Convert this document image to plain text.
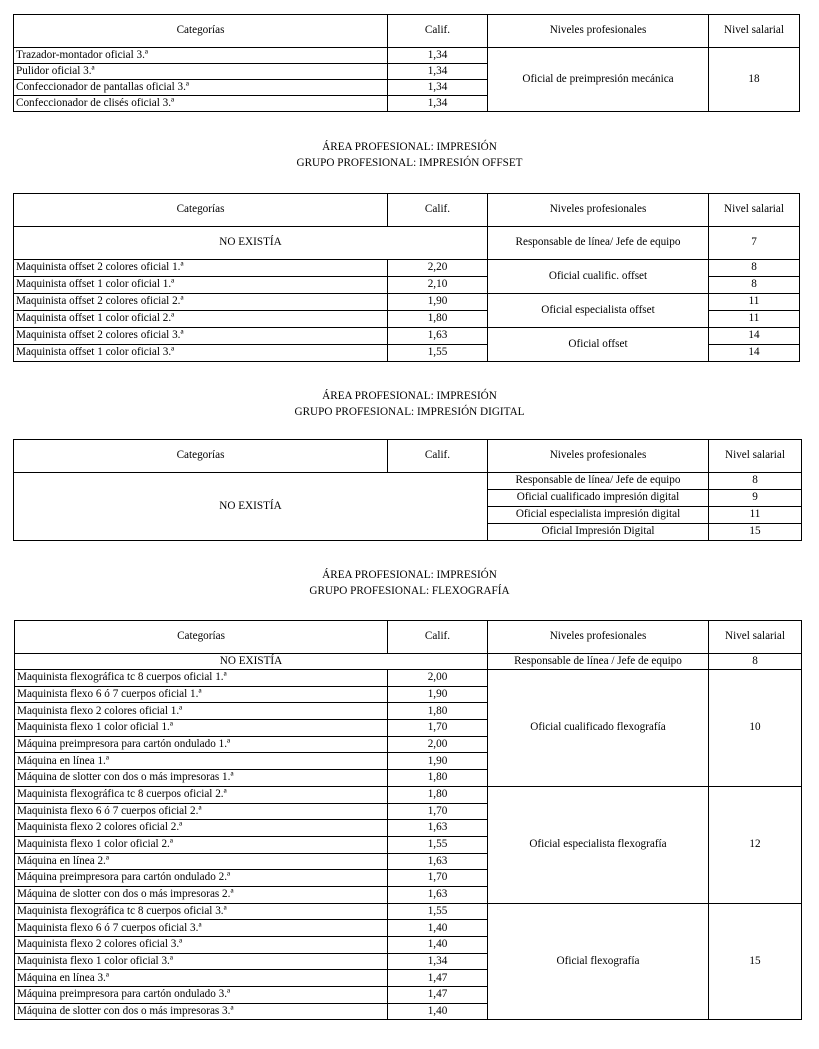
Categorías	Calif.	Niveles profesionales	Nivel salarial
Trazador-montador oficial 3.ª	1,34	Oficial de preimpresión mecánica	18
Pulidor oficial 3.ª	1,34		
Confeccionador de pantallas oficial 3.ª	1,34		
Confeccionador de clisés oficial 3.ª	1,34		
ÁREA PROFESIONAL: IMPRESIÓN
GRUPO PROFESIONAL: IMPRESIÓN OFFSET
Categorías	Calif.	Niveles profesionales	Nivel salarial
NO EXISTÍA		Responsable de línea/ Jefe de equipo	7
Maquinista offset 2 colores oficial 1.ª	2,20	Oficial cualific. offset	8
Maquinista offset 1 color oficial 1.ª	2,10		8
Maquinista offset 2 colores oficial 2.ª	1,90	Oficial especialista offset	11
Maquinista offset 1 color oficial 2.ª	1,80		11
Maquinista offset 2 colores oficial 3.ª	1,63	Oficial offset	14
Maquinista offset 1 color oficial 3.ª	1,55		14
ÁREA PROFESIONAL: IMPRESIÓN
GRUPO PROFESIONAL: IMPRESIÓN DIGITAL
Categorías	Calif.	Niveles profesionales	Nivel salarial
NO EXISTÍA		Responsable de línea/ Jefe de equipo	8
		Oficial cualificado impresión digital	9
		Oficial especialista impresión digital	11
		Oficial Impresión Digital	15
ÁREA PROFESIONAL: IMPRESIÓN
GRUPO PROFESIONAL: FLEXOGRAFÍA
Categorías	Calif.	Niveles profesionales	Nivel salarial
NO EXISTÍA		Responsable de línea / Jefe de equipo	8
Maquinista flexográfica tc 8 cuerpos oficial 1.ª	2,00	Oficial cualificado flexografía	10
Maquinista flexo 6 ó 7 cuerpos oficial 1.ª	1,90		
Maquinista flexo 2 colores oficial 1.ª	1,80		
Maquinista flexo 1 color oficial 1.ª	1,70		
Máquina preimpresora para cartón ondulado 1.ª	2,00		
Máquina en línea 1.ª	1,90		
Máquina de slotter con dos o más impresoras 1.ª	1,80		
Maquinista flexográfica tc 8 cuerpos oficial 2.ª	1,80	Oficial especialista flexografía	12
Maquinista flexo 6 ó 7 cuerpos oficial 2.ª	1,70		
Maquinista flexo 2 colores oficial 2.ª	1,63		
Maquinista flexo 1 color oficial 2.ª	1,55		
Máquina en línea 2.ª	1,63		
Máquina preimpresora para cartón ondulado 2.ª	1,70		
Máquina de slotter con dos o más impresoras 2.ª	1,63		
Maquinista flexográfica tc 8 cuerpos oficial 3.ª	1,55	Oficial flexografía	15
Maquinista flexo 6 ó 7 cuerpos oficial 3.ª	1,40		
Maquinista flexo 2 colores oficial 3.ª	1,40		
Maquinista flexo 1 color oficial 3.ª	1,34		
Máquina en línea 3.ª	1,47		
Máquina preimpresora para cartón ondulado 3.ª	1,47		
Máquina de slotter con dos o más impresoras 3.ª	1,40		
